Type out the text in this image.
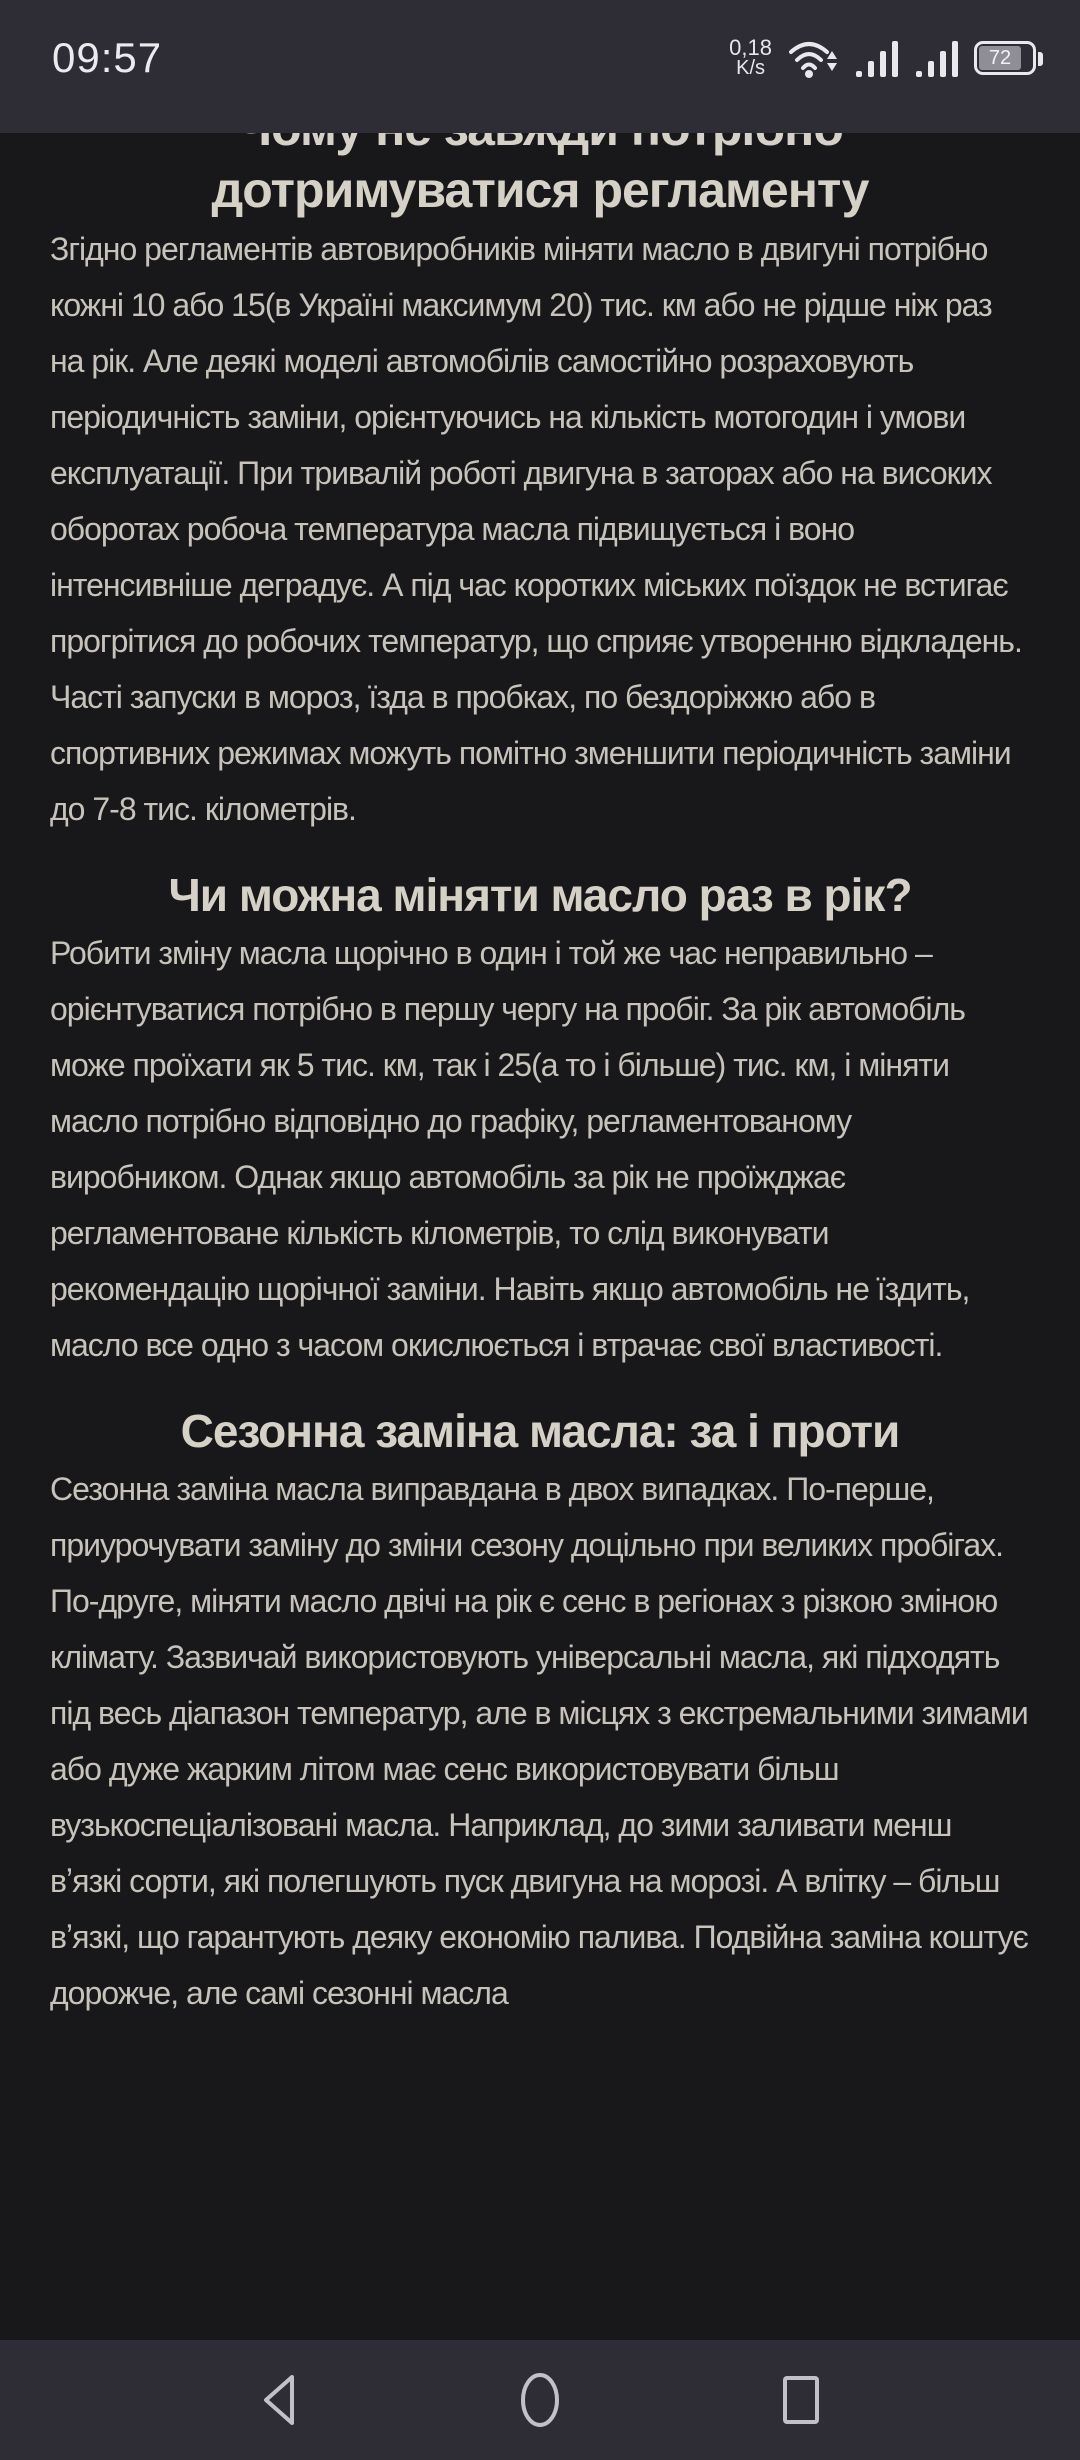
09:57	0,18
K/s	72
дотримуватися регламенту

Згідно регламентів автовиробників міняти масло в двигуні потрібно кожні 10 або 15(в Україні максимум 20) тис. км або не рідше ніж раз на рік. Але деякі моделі автомобілів самостійно розраховують періодичність заміни, орієнтуючись на кількість мотогодин і умови експлуатації. При тривалій роботі двигуна в заторах або на високих оборотах робоча температура масла підвищується і воно інтенсивніше деградує. А під час коротких міських поїздок не встигає прогрітися до робочих температур, що сприяє утворенню відкладень. Часті запуски в мороз, їзда в пробках, по бездоріжжю або в спортивних режимах можуть помітно зменшити періодичність заміни до 7-8 тис. кілометрів.

Чи можна міняти масло раз в рік?

Робити зміну масла щорічно в один і той же час неправильно – орієнтуватися потрібно в першу чергу на пробіг. За рік автомобіль може проїхати як 5 тис. км, так і 25(а то і більше) тис. км, і міняти масло потрібно відповідно до графіку, регламентованому виробником. Однак якщо автомобіль за рік не проїжджає регламентоване кількість кілометрів, то слід виконувати рекомендацію щорічної заміни. Навіть якщо автомобіль не їздить, масло все одно з часом окислюється і втрачає свої властивості.

Сезонна заміна масла: за і проти

Сезонна заміна масла виправдана в двох випадках. По-перше, приурочувати заміну до зміни сезону доцільно при великих пробігах. По-друге, міняти масло двічі на рік є сенс в регіонах з різкою зміною клімату. Зазвичай використовують універсальні масла, які підходять під весь діапазон температур, але в місцях з екстремальними зимами або дуже жарким літом має сенс використовувати більш вузькоспеціалізовані масла. Наприклад, до зими заливати менш вʼязкі сорти, які полегшують пуск двигуна на морозі. А влітку – більш вʼязкі, що гарантують деяку економію палива. Подвійна заміна коштує дорожче, але самі сезонні масла
